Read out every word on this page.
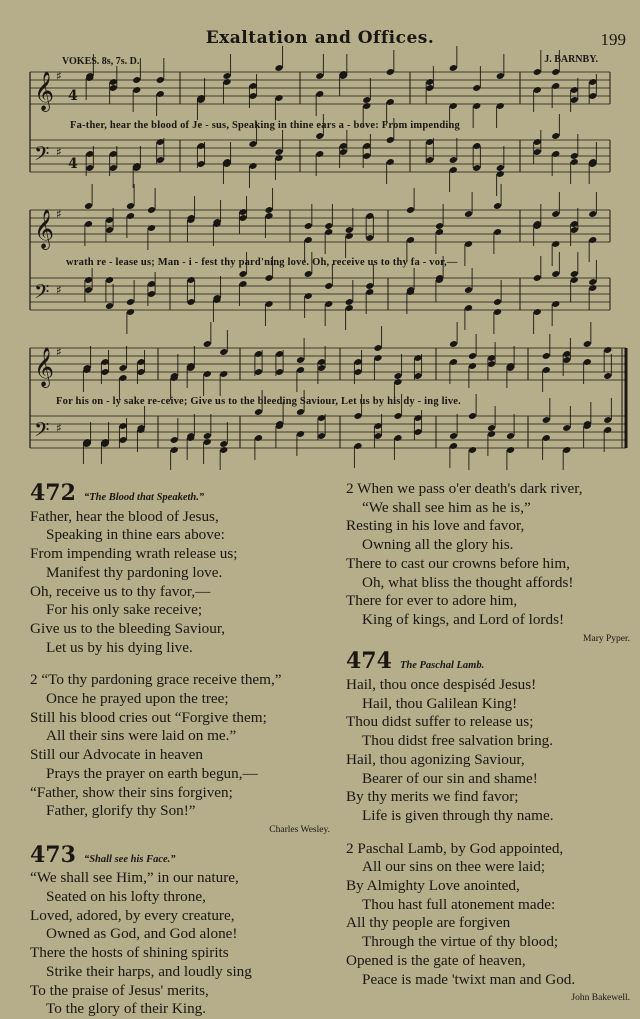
Exaltation and Offices.	199
VOKES. 8s, 7s. D.	J. BARNBY.
𝄞 ♯
4
𝄢 ♯
4
𝄞 ♯
𝄢 ♯
𝄞 ♯
𝄢 ♯
Fa-ther, hear the blood of Je - sus, Speaking in thine ears a - bove: From impending
wrath re - lease us; Man - i - fest thy pard'ning love. Oh, receive us to thy fa - vor,—
For his on - ly sake re-ceive; Give us to the bleeding Saviour, Let us by his dy - ing live.
472 “The Blood that Speaketh.”

Father, hear the blood of Jesus,

Speaking in thine ears above:

From impending wrath release us;

Manifest thy pardoning love.

Oh, receive us to thy favor,—

For his only sake receive;

Give us to the bleeding Saviour,

Let us by his dying live.

2 “To thy pardoning grace receive them,”

Once he prayed upon the tree;

Still his blood cries out “Forgive them;

All their sins were laid on me.”

Still our Advocate in heaven

Prays the prayer on earth begun,—

“Father, show their sins forgiven;

Father, glorify thy Son!”

Charles Wesley.
473 “Shall see his Face.”

“We shall see Him,” in our nature,

Seated on his lofty throne,

Loved, adored, by every creature,

Owned as God, and God alone!

There the hosts of shining spirits

Strike their harps, and loudly sing

To the praise of Jesus' merits,

To the glory of their King.

2 When we pass o'er death's dark river,

“We shall see him as he is,”

Resting in his love and favor,

Owning all the glory his.

There to cast our crowns before him,

Oh, what bliss the thought affords!

There for ever to adore him,

King of kings, and Lord of lords!

Mary Pyper.
474 The Paschal Lamb.

Hail, thou once despiséd Jesus!

Hail, thou Galilean King!

Thou didst suffer to release us;

Thou didst free salvation bring.

Hail, thou agonizing Saviour,

Bearer of our sin and shame!

By thy merits we find favor;

Life is given through thy name.

2 Paschal Lamb, by God appointed,

All our sins on thee were laid;

By Almighty Love anointed,

Thou hast full atonement made:

All thy people are forgiven

Through the virtue of thy blood;

Opened is the gate of heaven,

Peace is made 'twixt man and God.

John Bakewell.
